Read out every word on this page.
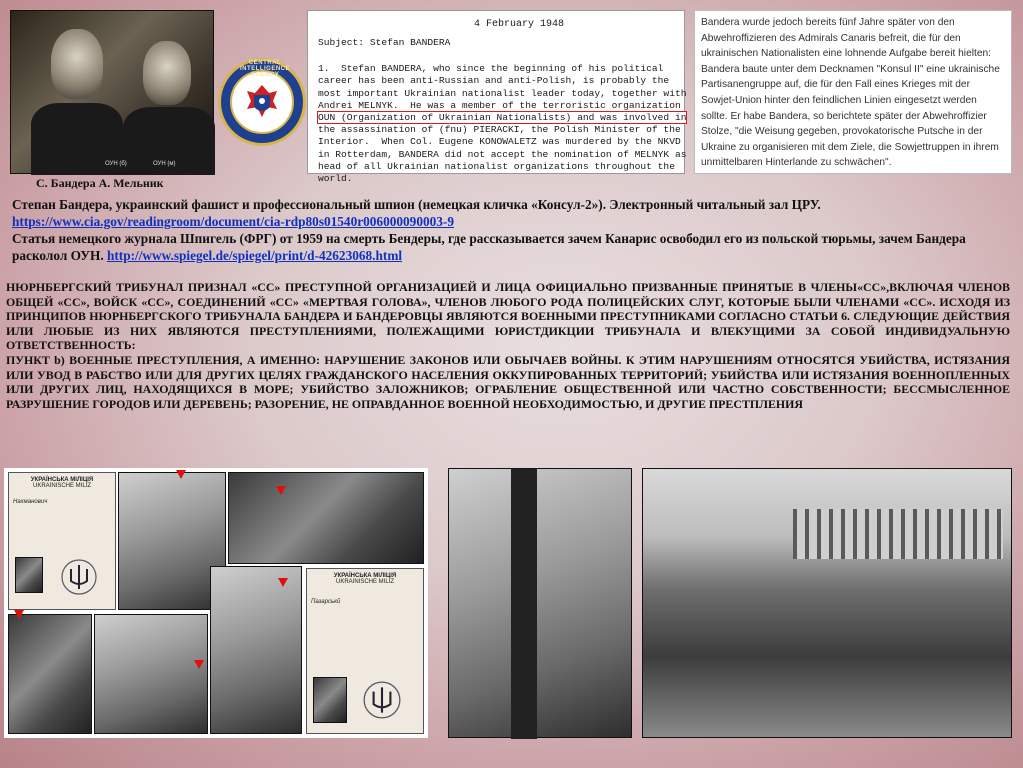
ОУН (б)	ОУН (м)
С. Бандера А. Мельник
CENTRAL INTELLIGENCE AGENCY
4 February 1948
Subject: Stefan BANDERA
1.  Stefan BANDERA, who since the beginning of his political
career has been anti-Russian and anti-Polish, is probably the
most important Ukrainian nationalist leader today, together with
Andrei MELNYK.  He was a member of the terroristic organization
OUN (Organization of Ukrainian Nationalists) and was involved in
the assassination of (fnu) PIERACKI, the Polish Minister of the
Interior.  When Col. Eugene KONOWALETZ was murdered by the NKVD
in Rotterdam, BANDERA did not accept the nomination of MELNYK as
head of all Ukrainian nationalist organizations throughout the
world.
Bandera wurde jedoch bereits fünf Jahre später von den Abwehroffizieren des Admirals Canaris befreit, die für den ukrainischen Nationalisten eine lohnende Aufgabe bereit hielten: Bandera baute unter dem Decknamen "Konsul II" eine ukrainische Partisanengruppe auf, die für den Fall eines Krieges mit der Sowjet-Union hinter den feindlichen Linien eingesetzt werden sollte. Er habe Bandera, so berichtete später der Abwehroffizier Stolze, "die Weisung gegeben, provokatorische Putsche in der Ukraine zu organisieren mit dem Ziele, die Sowjettruppen in ihrem unmittelbaren Hinterlande zu schwächen".
Степан Бандера, украинский фашист и профессиональный шпион (немецкая кличка «Консул-2»). Электронный читальный зал ЦРУ.
https://www.cia.gov/readingroom/document/cia-rdp80s01540r006000090003-9
Статья немецкого журнала Шпигель (ФРГ) от 1959 на смерть Бендеры, где рассказывается зачем Канарис освободил его из польской тюрьмы, зачем Бандера расколол ОУН. http://www.spiegel.de/spiegel/print/d-42623068.html
НЮРНБЕРГСКИЙ ТРИБУНАЛ ПРИЗНАЛ «СС» ПРЕСТУПНОЙ ОРГАНИЗАЦИЕЙ И ЛИЦА ОФИЦИАЛЬНО ПРИЗВАННЫЕ ПРИНЯТЫЕ В ЧЛЕНЫ«СС»,ВКЛЮЧАЯ ЧЛЕНОВ ОБЩЕЙ «СС», ВОЙСК «СС», СОЕДИНЕНИЙ «СС» «МЕРТВАЯ ГОЛОВА», ЧЛЕНОВ ЛЮБОГО РОДА ПОЛИЦЕЙСКИХ СЛУГ, КОТОРЫЕ БЫЛИ ЧЛЕНАМИ «СС». ИСХОДЯ ИЗ ПРИНЦИПОВ НЮРНБЕРГСКОГО ТРИБУНАЛА БАНДЕРА И БАНДЕРОВЦЫ ЯВЛЯЮТСЯ ВОЕННЫМИ ПРЕСТУПНИКАМИ СОГЛАСНО СТАТЬИ 6. СЛЕДУЮЩИЕ ДЕЙСТВИЯ ИЛИ ЛЮБЫЕ ИЗ НИХ ЯВЛЯЮТСЯ ПРЕСТУПЛЕНИЯМИ, ПОЛЕЖАЩИМИ ЮРИСТДИКЦИИ ТРИБУНАЛА И ВЛЕКУЩИМИ ЗА СОБОЙ ИНДИВИДУАЛЬНУЮ ОТВЕТСТВЕННОСТЬ:
ПУНКТ b) ВОЕННЫЕ ПРЕСТУПЛЕНИЯ, А ИМЕННО: НАРУШЕНИЕ ЗАКОНОВ ИЛИ ОБЫЧАЕВ ВОЙНЫ. К ЭТИМ НАРУШЕНИЯМ ОТНОСЯТСЯ УБИЙСТВА, ИСТЯЗАНИЯ ИЛИ УВОД В РАБСТВО ИЛИ ДЛЯ ДРУГИХ ЦЕЛЯХ ГРАЖДАНСКОГО НАСЕЛЕНИЯ ОККУПИРОВАННЫХ ТЕРРИТОРИЙ; УБИЙСТВА ИЛИ ИСТЯЗАНИЯ ВОЕННОПЛЕННЫХ ИЛИ ДРУГИХ ЛИЦ, НАХОДЯЩИХСЯ В МОРЕ; УБИЙСТВО ЗАЛОЖНИКОВ; ОГРАБЛЕНИЕ ОБЩЕСТВЕННОЙ ИЛИ ЧАСТНО СОБСТВЕННОСТИ; БЕССМЫСЛЕННОЕ РАЗРУШЕНИЕ ГОРОДОВ ИЛИ ДЕРЕВЕНЬ; РАЗОРЕНИЕ, НЕ ОПРАВДАННОЕ ВОЕННОЙ НЕОБХОДИМОСТЬЮ, И ДРУГИЕ ПРЕСТПЛЕНИЯ
УКРАЇНСЬКА МІЛІЦІЯ
UKRAINISCHE MILIZ
Нахманович
УКРАЇНСЬКА МІЛІЦІЯ
UKRAINISCHE MILIZ
Пазарськй
